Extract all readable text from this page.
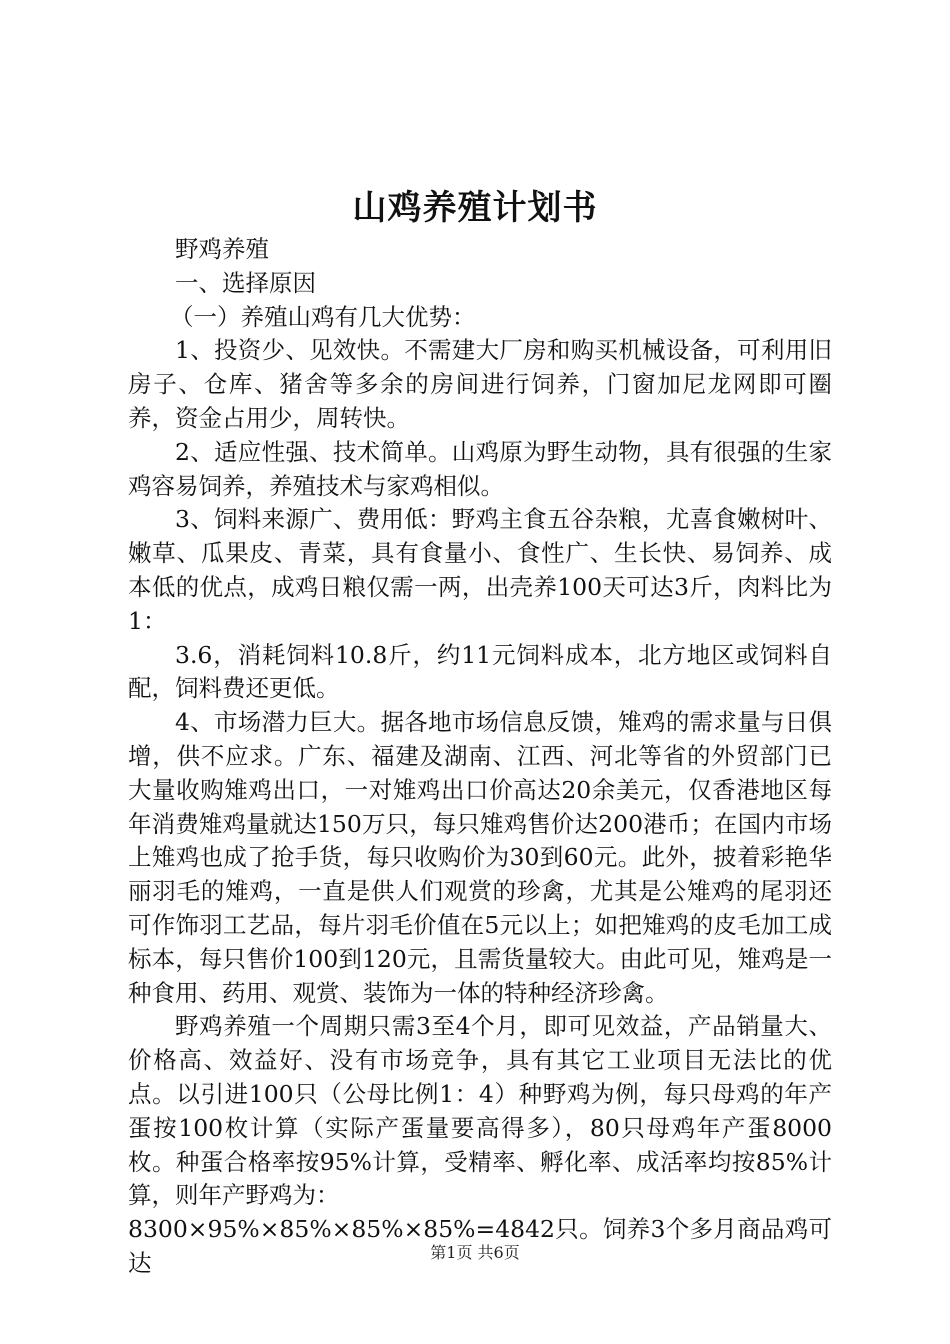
山鸡养殖计划书

野鸡养殖

一、选择原因

（一）养殖山鸡有几大优势：

1、投资少、见效快。不需建大厂房和购买机械设备，可利用旧房子、仓库、猪舍等多余的房间进行饲养，门窗加尼龙网即可圈养，资金占用少，周转快。

2、适应性强、技术简单。山鸡原为野生动物，具有很强的生家鸡容易饲养，养殖技术与家鸡相似。

3、饲料来源广、费用低：野鸡主食五谷杂粮，尤喜食嫩树叶、嫩草、瓜果皮、青菜，具有食量小、食性广、生长快、易饲养、成本低的优点，成鸡日粮仅需一两，出壳养100天可达3斤，肉料比为1：

3.6，消耗饲料10.8斤，约11元饲料成本，北方地区或饲料自配，饲料费还更低。

4、市场潜力巨大。据各地市场信息反馈，雉鸡的需求量与日俱增，供不应求。广东、福建及湖南、江西、河北等省的外贸部门已大量收购雉鸡出口，一对雉鸡出口价高达20余美元，仅香港地区每年消费雉鸡量就达150万只，每只雉鸡售价达200港币；在国内市场上雉鸡也成了抢手货，每只收购价为30到60元。此外，披着彩艳华丽羽毛的雉鸡，一直是供人们观赏的珍禽，尤其是公雉鸡的尾羽还可作饰羽工艺品，每片羽毛价值在5元以上；如把雉鸡的皮毛加工成标本，每只售价100到120元，且需货量较大。由此可见，雉鸡是一种食用、药用、观赏、装饰为一体的特种经济珍禽。

野鸡养殖一个周期只需3至4个月，即可见效益，产品销量大、价格高、效益好、没有市场竞争，具有其它工业项目无法比的优点。以引进100只（公母比例1：4）种野鸡为例，每只母鸡的年产蛋按100枚计算（实际产蛋量要高得多），80只母鸡年产蛋8000枚。种蛋合格率按95%计算，受精率、孵化率、成活率均按85%计算，则年产野鸡为：

8300×95%×85%×85%×85%=4842只。饲养3个多月商品鸡可达	第1页 共6页
